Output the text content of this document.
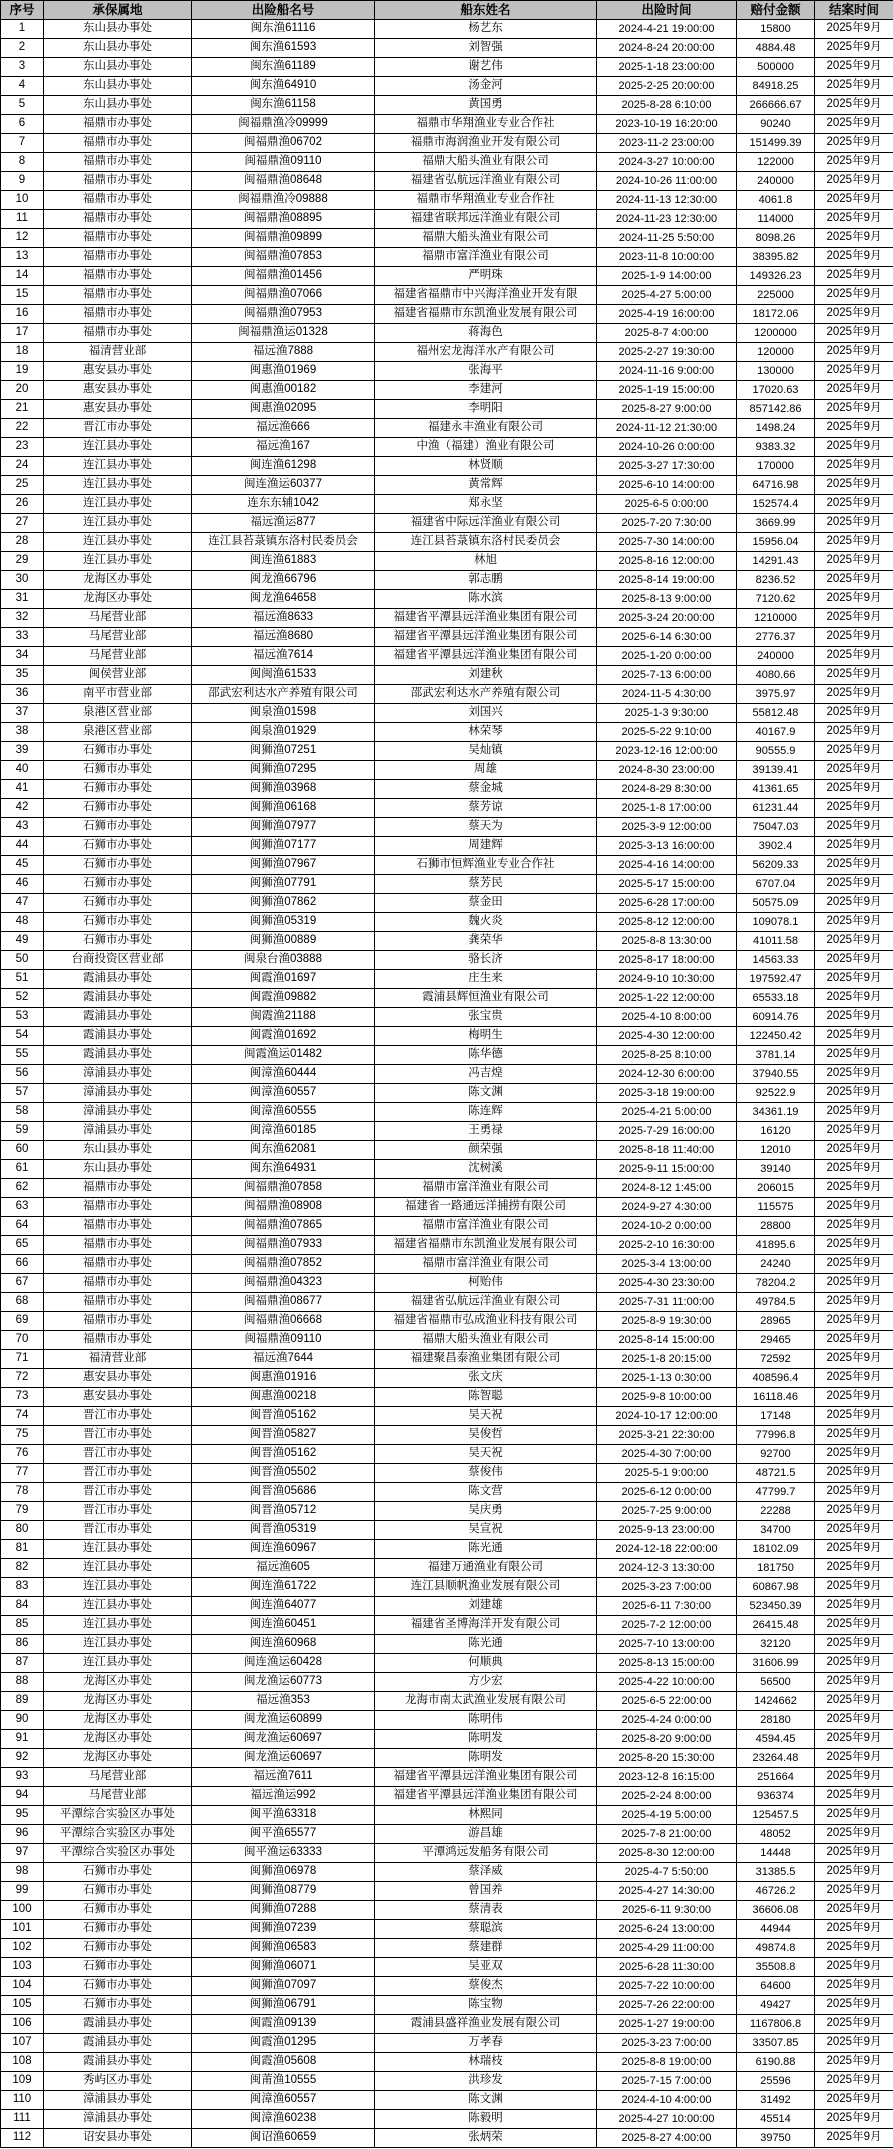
序号	承保属地	出险船名号	船东姓名	出险时间	赔付金额	结案时间
1	东山县办事处	闽东渔61116	杨艺东	2024-4-21 19:00:00	15800	2025年9月
2	东山县办事处	闽东渔61593	刘智强	2024-8-24 20:00:00	4884.48	2025年9月
3	东山县办事处	闽东渔61189	谢艺伟	2025-1-18 23:00:00	500000	2025年9月
4	东山县办事处	闽东渔64910	汤金河	2025-2-25 20:00:00	84918.25	2025年9月
5	东山县办事处	闽东渔61158	黄国勇	2025-8-28 6:10:00	266666.67	2025年9月
6	福鼎市办事处	闽福鼎渔冷09999	福鼎市华翔渔业专业合作社	2023-10-19 16:20:00	90240	2025年9月
7	福鼎市办事处	闽福鼎渔06702	福鼎市海润渔业开发有限公司	2023-11-2 23:00:00	151499.39	2025年9月
8	福鼎市办事处	闽福鼎渔09110	福鼎大船头渔业有限公司	2024-3-27 10:00:00	122000	2025年9月
9	福鼎市办事处	闽福鼎渔08648	福建省弘航远洋渔业有限公司	2024-10-26 11:00:00	240000	2025年9月
10	福鼎市办事处	闽福鼎渔冷09888	福鼎市华翔渔业专业合作社	2024-11-13 12:30:00	4061.8	2025年9月
11	福鼎市办事处	闽福鼎渔08895	福建省联邦远洋渔业有限公司	2024-11-23 12:30:00	114000	2025年9月
12	福鼎市办事处	闽福鼎渔09899	福鼎大船头渔业有限公司	2024-11-25 5:50:00	8098.26	2025年9月
13	福鼎市办事处	闽福鼎渔07853	福鼎市富洋渔业有限公司	2023-11-8 10:00:00	38395.82	2025年9月
14	福鼎市办事处	闽福鼎渔01456	严明珠	2025-1-9 14:00:00	149326.23	2025年9月
15	福鼎市办事处	闽福鼎渔07066	福建省福鼎市中兴海洋渔业开发有限	2025-4-27 5:00:00	225000	2025年9月
16	福鼎市办事处	闽福鼎渔07953	福建省福鼎市东凯渔业发展有限公司	2025-4-19 16:00:00	18172.06	2025年9月
17	福鼎市办事处	闽福鼎渔运01328	蒋海色	2025-8-7 4:00:00	1200000	2025年9月
18	福清营业部	福远渔7888	福州宏龙海洋水产有限公司	2025-2-27 19:30:00	120000	2025年9月
19	惠安县办事处	闽惠渔01969	张海平	2024-11-16 9:00:00	130000	2025年9月
20	惠安县办事处	闽惠渔00182	李建河	2025-1-19 15:00:00	17020.63	2025年9月
21	惠安县办事处	闽惠渔02095	李明阳	2025-8-27 9:00:00	857142.86	2025年9月
22	晋江市办事处	福远渔666	福建永丰渔业有限公司	2024-11-12 21:30:00	1498.24	2025年9月
23	连江县办事处	福远渔167	中渔（福建）渔业有限公司	2024-10-26 0:00:00	9383.32	2025年9月
24	连江县办事处	闽连渔61298	林贤顺	2025-3-27 17:30:00	170000	2025年9月
25	连江县办事处	闽连渔运60377	黄常辉	2025-6-10 14:00:00	64716.98	2025年9月
26	连江县办事处	连东东辅1042	郑永坚	2025-6-5 0:00:00	152574.4	2025年9月
27	连江县办事处	福远渔运877	福建省中际远洋渔业有限公司	2025-7-20 7:30:00	3669.99	2025年9月
28	连江县办事处	连江县苔菉镇东洛村民委员会	连江县苔菉镇东洛村民委员会	2025-7-30 14:00:00	15956.04	2025年9月
29	连江县办事处	闽连渔61883	林旭	2025-8-16 12:00:00	14291.43	2025年9月
30	龙海区办事处	闽龙渔66796	郭志鹏	2025-8-14 19:00:00	8236.52	2025年9月
31	龙海区办事处	闽龙渔64658	陈水滨	2025-8-13 9:00:00	7120.62	2025年9月
32	马尾营业部	福远渔8633	福建省平潭县远洋渔业集团有限公司	2025-3-24 20:00:00	1210000	2025年9月
33	马尾营业部	福远渔8680	福建省平潭县远洋渔业集团有限公司	2025-6-14 6:30:00	2776.37	2025年9月
34	马尾营业部	福远渔7614	福建省平潭县远洋渔业集团有限公司	2025-1-20 0:00:00	240000	2025年9月
35	闽侯营业部	闽闽渔61533	刘建秋	2025-7-13 6:00:00	4080.66	2025年9月
36	南平市营业部	邵武宏利达水产养殖有限公司	邵武宏利达水产养殖有限公司	2024-11-5 4:30:00	3975.97	2025年9月
37	泉港区营业部	闽泉渔01598	刘国兴	2025-1-3 9:30:00	55812.48	2025年9月
38	泉港区营业部	闽泉渔01929	林荣琴	2025-5-22 9:10:00	40167.9	2025年9月
39	石狮市办事处	闽狮渔07251	吴灿镇	2023-12-16 12:00:00	90555.9	2025年9月
40	石狮市办事处	闽狮渔07295	周雄	2024-8-30 23:00:00	39139.41	2025年9月
41	石狮市办事处	闽狮渔03968	蔡金城	2024-8-29 8:30:00	41361.65	2025年9月
42	石狮市办事处	闽狮渔06168	蔡芳谅	2025-1-8 17:00:00	61231.44	2025年9月
43	石狮市办事处	闽狮渔07977	蔡天为	2025-3-9 12:00:00	75047.03	2025年9月
44	石狮市办事处	闽狮渔07177	周建辉	2025-3-13 16:00:00	3902.4	2025年9月
45	石狮市办事处	闽狮渔07967	石狮市恒辉渔业专业合作社	2025-4-16 14:00:00	56209.33	2025年9月
46	石狮市办事处	闽狮渔07791	蔡芳民	2025-5-17 15:00:00	6707.04	2025年9月
47	石狮市办事处	闽狮渔07862	蔡金田	2025-6-28 17:00:00	50575.09	2025年9月
48	石狮市办事处	闽狮渔05319	魏火炎	2025-8-12 12:00:00	109078.1	2025年9月
49	石狮市办事处	闽狮渔00889	龚荣华	2025-8-8 13:30:00	41011.58	2025年9月
50	台商投资区营业部	闽泉台渔03888	骆长济	2025-8-17 18:00:00	14563.33	2025年9月
51	霞浦县办事处	闽霞渔01697	庄生来	2024-9-10 10:30:00	197592.47	2025年9月
52	霞浦县办事处	闽霞渔09882	霞浦县辉恒渔业有限公司	2025-1-22 12:00:00	65533.18	2025年9月
53	霞浦县办事处	闽霞渔21188	张宝贵	2025-4-10 8:00:00	60914.76	2025年9月
54	霞浦县办事处	闽霞渔01692	梅明生	2025-4-30 12:00:00	122450.42	2025年9月
55	霞浦县办事处	闽霞渔运01482	陈华德	2025-8-25 8:10:00	3781.14	2025年9月
56	漳浦县办事处	闽漳渔60444	冯吉煌	2024-12-30 6:00:00	37940.55	2025年9月
57	漳浦县办事处	闽漳渔60557	陈文渊	2025-3-18 19:00:00	92522.9	2025年9月
58	漳浦县办事处	闽漳渔60555	陈连辉	2025-4-21 5:00:00	34361.19	2025年9月
59	漳浦县办事处	闽漳渔60185	王勇禄	2025-7-29 16:00:00	16120	2025年9月
60	东山县办事处	闽东渔62081	颜荣强	2025-8-18 11:40:00	12010	2025年9月
61	东山县办事处	闽东渔64931	沈树溪	2025-9-11 15:00:00	39140	2025年9月
62	福鼎市办事处	闽福鼎渔07858	福鼎市富洋渔业有限公司	2024-8-12 1:45:00	206015	2025年9月
63	福鼎市办事处	闽福鼎渔08908	福建省一路通远洋捕捞有限公司	2024-9-27 4:30:00	115575	2025年9月
64	福鼎市办事处	闽福鼎渔07865	福鼎市富洋渔业有限公司	2024-10-2 0:00:00	28800	2025年9月
65	福鼎市办事处	闽福鼎渔07933	福建省福鼎市东凯渔业发展有限公司	2025-2-10 16:30:00	41895.6	2025年9月
66	福鼎市办事处	闽福鼎渔07852	福鼎市富洋渔业有限公司	2025-3-4 13:00:00	24240	2025年9月
67	福鼎市办事处	闽福鼎渔04323	柯贻伟	2025-4-30 23:30:00	78204.2	2025年9月
68	福鼎市办事处	闽福鼎渔08677	福建省弘航远洋渔业有限公司	2025-7-31 11:00:00	49784.5	2025年9月
69	福鼎市办事处	闽福鼎渔06668	福建省福鼎市弘成渔业科技有限公司	2025-8-9 19:30:00	28965	2025年9月
70	福鼎市办事处	闽福鼎渔09110	福鼎大船头渔业有限公司	2025-8-14 15:00:00	29465	2025年9月
71	福清营业部	福远渔7644	福建聚昌泰渔业集团有限公司	2025-1-8 20:15:00	72592	2025年9月
72	惠安县办事处	闽惠渔01916	张文庆	2025-1-13 0:30:00	408596.4	2025年9月
73	惠安县办事处	闽惠渔00218	陈智聪	2025-9-8 10:00:00	16118.46	2025年9月
74	晋江市办事处	闽晋渔05162	吴天祝	2024-10-17 12:00:00	17148	2025年9月
75	晋江市办事处	闽晋渔05827	吴俊哲	2025-3-21 22:30:00	77996.8	2025年9月
76	晋江市办事处	闽晋渔05162	吴天祝	2025-4-30 7:00:00	92700	2025年9月
77	晋江市办事处	闽晋渔05502	蔡俊伟	2025-5-1 9:00:00	48721.5	2025年9月
78	晋江市办事处	闽晋渔05686	陈文营	2025-6-12 0:00:00	47799.7	2025年9月
79	晋江市办事处	闽晋渔05712	吴庆勇	2025-7-25 9:00:00	22288	2025年9月
80	晋江市办事处	闽晋渔05319	吴宣祝	2025-9-13 23:00:00	34700	2025年9月
81	连江县办事处	闽连渔60967	陈光通	2024-12-18 22:00:00	18102.09	2025年9月
82	连江县办事处	福远渔605	福建万通渔业有限公司	2024-12-3 13:30:00	181750	2025年9月
83	连江县办事处	闽连渔61722	连江县顺帆渔业发展有限公司	2025-3-23 7:00:00	60867.98	2025年9月
84	连江县办事处	闽连渔64077	刘建雄	2025-6-11 7:30:00	523450.39	2025年9月
85	连江县办事处	闽连渔60451	福建省圣博海洋开发有限公司	2025-7-2 12:00:00	26415.48	2025年9月
86	连江县办事处	闽连渔60968	陈光通	2025-7-10 13:00:00	32120	2025年9月
87	连江县办事处	闽连渔运60428	何顺典	2025-8-13 15:00:00	31606.99	2025年9月
88	龙海区办事处	闽龙渔运60773	方少宏	2025-4-22 10:00:00	56500	2025年9月
89	龙海区办事处	福远渔353	龙海市南太武渔业发展有限公司	2025-6-5 22:00:00	1424662	2025年9月
90	龙海区办事处	闽龙渔运60899	陈明伟	2025-4-24 0:00:00	28180	2025年9月
91	龙海区办事处	闽龙渔运60697	陈明发	2025-8-20 9:00:00	4594.45	2025年9月
92	龙海区办事处	闽龙渔运60697	陈明发	2025-8-20 15:30:00	23264.48	2025年9月
93	马尾营业部	福远渔7611	福建省平潭县远洋渔业集团有限公司	2023-12-8 16:15:00	251664	2025年9月
94	马尾营业部	福远渔运992	福建省平潭县远洋渔业集团有限公司	2025-2-24 8:00:00	936374	2025年9月
95	平潭综合实验区办事处	闽平渔63318	林熙同	2025-4-19 5:00:00	125457.5	2025年9月
96	平潭综合实验区办事处	闽平渔65577	游昌雄	2025-7-8 21:00:00	48052	2025年9月
97	平潭综合实验区办事处	闽平渔运63333	平潭鸿远发船务有限公司	2025-8-30 12:00:00	14448	2025年9月
98	石狮市办事处	闽狮渔06978	蔡泽威	2025-4-7 5:50:00	31385.5	2025年9月
99	石狮市办事处	闽狮渔08779	曾国养	2025-4-27 14:30:00	46726.2	2025年9月
100	石狮市办事处	闽狮渔07288	蔡清表	2025-6-11 9:30:00	36606.08	2025年9月
101	石狮市办事处	闽狮渔07239	蔡聪滨	2025-6-24 13:00:00	44944	2025年9月
102	石狮市办事处	闽狮渔06583	蔡建群	2025-4-29 11:00:00	49874.8	2025年9月
103	石狮市办事处	闽狮渔06071	吴亚双	2025-6-28 11:30:00	35508.8	2025年9月
104	石狮市办事处	闽狮渔07097	蔡俊杰	2025-7-22 10:00:00	64600	2025年9月
105	石狮市办事处	闽狮渔06791	陈宝物	2025-7-26 22:00:00	49427	2025年9月
106	霞浦县办事处	闽霞渔09139	霞浦县盛祥渔业发展有限公司	2025-1-27 19:00:00	1167806.8	2025年9月
107	霞浦县办事处	闽霞渔01295	万孝春	2025-3-23 7:00:00	33507.85	2025年9月
108	霞浦县办事处	闽霞渔05608	林瑞枝	2025-8-8 19:00:00	6190.88	2025年9月
109	秀屿区办事处	闽莆渔10555	洪珍发	2025-7-15 7:00:00	25596	2025年9月
110	漳浦县办事处	闽漳渔60557	陈文渊	2024-4-10 4:00:00	31492	2025年9月
111	漳浦县办事处	闽漳渔60238	陈毅明	2025-4-27 10:00:00	45514	2025年9月
112	诏安县办事处	闽诏渔60659	张炳荣	2025-8-27 4:00:00	39750	2025年9月
